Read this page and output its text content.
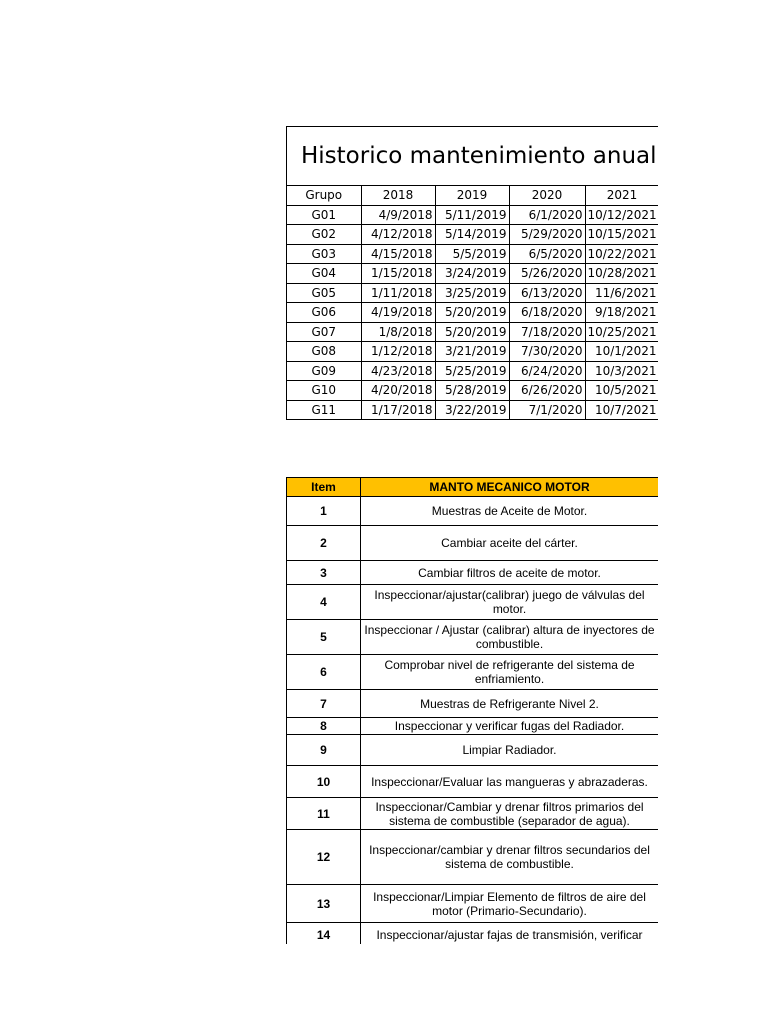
Historico mantenimiento anual
Grupo	2018	2019	2020	2021
G01	4/9/2018	5/11/2019	6/1/2020	10/12/2021
G02	4/12/2018	5/14/2019	5/29/2020	10/15/2021
G03	4/15/2018	5/5/2019	6/5/2020	10/22/2021
G04	1/15/2018	3/24/2019	5/26/2020	10/28/2021
G05	1/11/2018	3/25/2019	6/13/2020	11/6/2021
G06	4/19/2018	5/20/2019	6/18/2020	9/18/2021
G07	1/8/2018	5/20/2019	7/18/2020	10/25/2021
G08	1/12/2018	3/21/2019	7/30/2020	10/1/2021
G09	4/23/2018	5/25/2019	6/24/2020	10/3/2021
G10	4/20/2018	5/28/2019	6/26/2020	10/5/2021
G11	1/17/2018	3/22/2019	7/1/2020	10/7/2021
Item	MANTO MECANICO MOTOR
1	Muestras de Aceite de Motor.
2	Cambiar aceite del cárter.
3	Cambiar filtros de aceite de motor.
4	Inspeccionar/ajustar(calibrar) juego de válvulas del motor.
5	Inspeccionar / Ajustar (calibrar) altura de inyectores de combustible.
6	Comprobar nivel de refrigerante del sistema de enfriamiento.
7	Muestras de Refrigerante Nivel 2.
8	Inspeccionar y verificar fugas del Radiador.
9	Limpiar Radiador.
10	Inspeccionar/Evaluar las mangueras y abrazaderas.
11	Inspeccionar/Cambiar y drenar filtros primarios del sistema de combustible (separador de agua).
12	Inspeccionar/cambiar y drenar filtros secundarios del sistema de combustible.
13	Inspeccionar/Limpiar Elemento de filtros de aire del motor (Primario-Secundario).
14	Inspeccionar/ajustar fajas de transmisión, verificar
